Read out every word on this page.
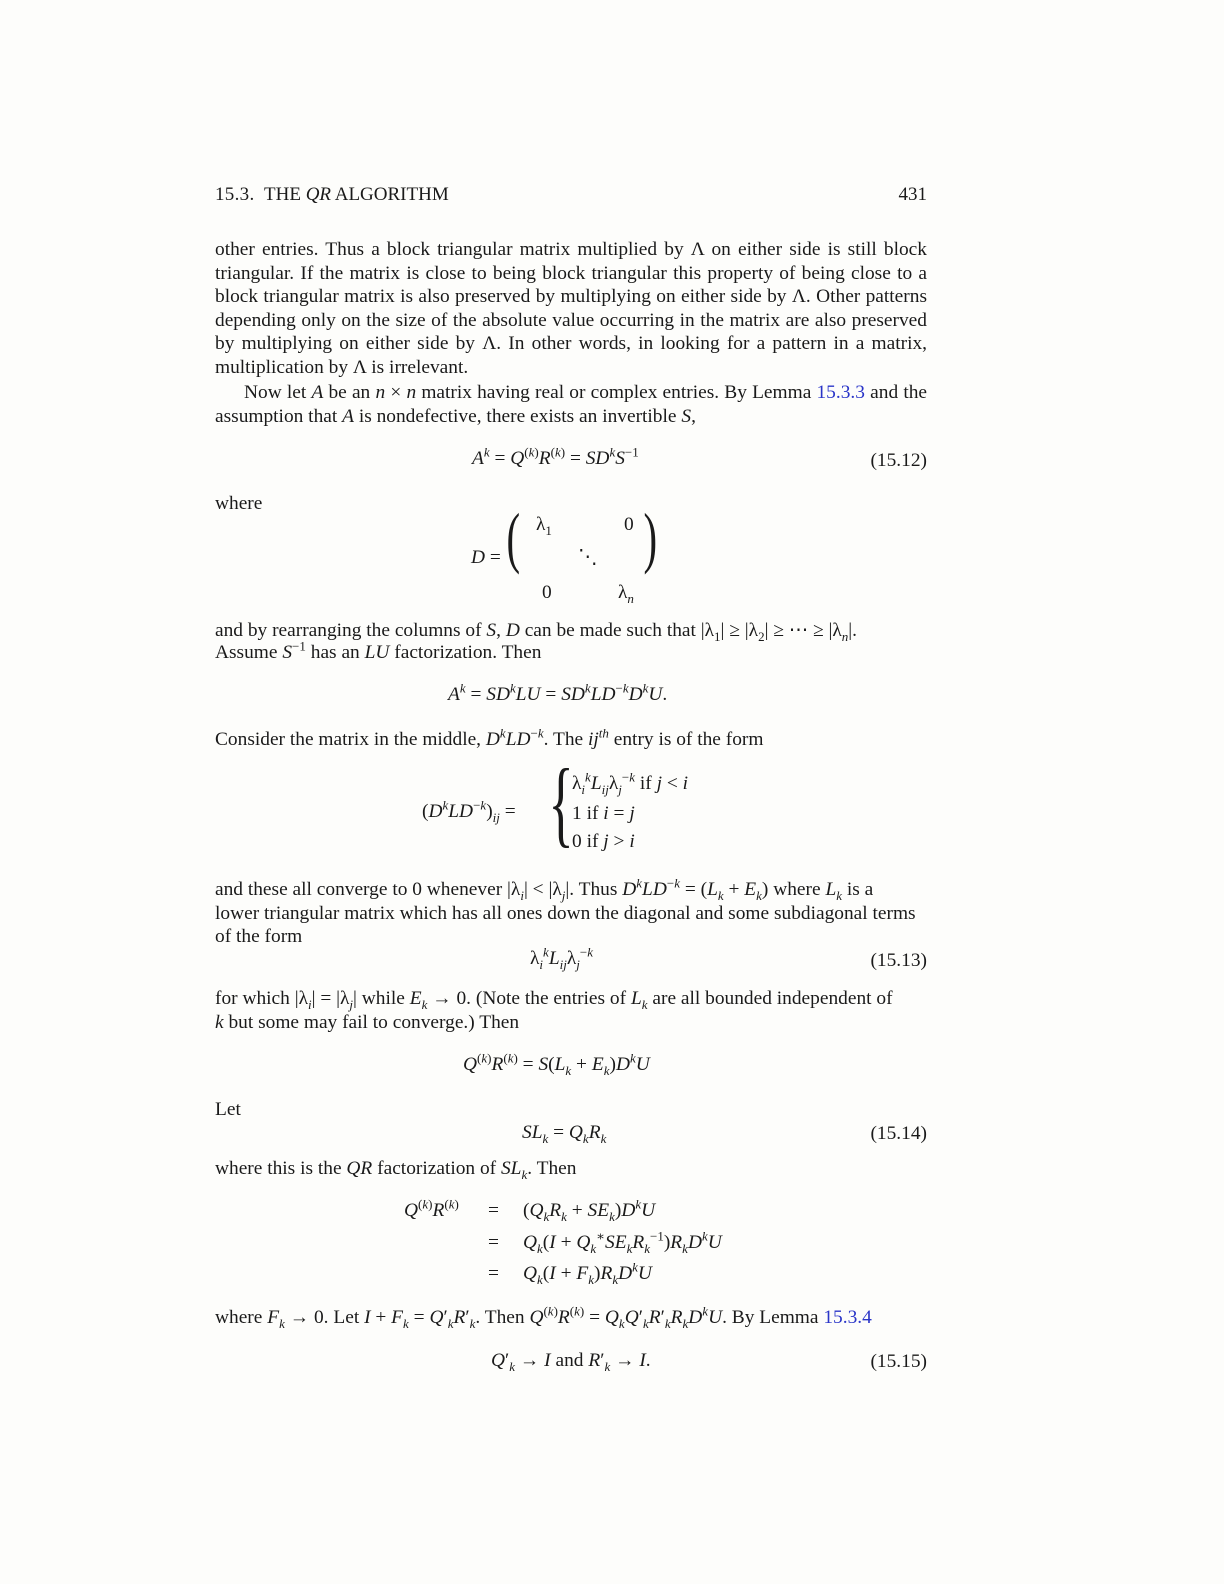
15.3. THE QR ALGORITHM	431
other entries. Thus a block triangular matrix multiplied by Λ on either side is still block triangular. If the matrix is close to being block triangular this property of being close to a block triangular matrix is also preserved by multiplying on either side by Λ. Other patterns depending only on the size of the absolute value occurring in the matrix are also preserved by multiplying on either side by Λ. In other words, in looking for a pattern in a matrix, multiplication by Λ is irrelevant.
Now let A be an n × n matrix having real or complex entries. By Lemma 15.3.3 and the assumption that A is nondefective, there exists an invertible S,
$A^k = Q^{(k)}R^{(k)} = SD^kS^{-1}$	(15.12)
where
D = ( )
$\lambda_1$	0
⋱
0	$\lambda_n$
and by rearranging the columns of S, D can be made such that $|\lambda_1| \ge |\lambda_2|$ ≥ ⋯ ≥ $|\lambda_n|$.
Assume $S^{-1}$ has an LU factorization. Then
$A^k = SD^kLU = SD^kLD^{-k}D^kU$.
Consider the matrix in the middle, $D^kLD^{-k}$. The $ij^{th}$ entry is of the form
$(D^kLD^{-k})_{ij}$ = {
$\lambda_i^kL_{ij}\lambda_j^{-k}$ if j < i
1 if i = j
0 if j > i
and these all converge to 0 whenever $|\lambda_i| < |\lambda_j|$. Thus $D^kLD^{-k} = (L_k + E_k)$ where $L_k$ is a
lower triangular matrix which has all ones down the diagonal and some subdiagonal terms
of the form
$\lambda_i^kL_{ij}\lambda_j^{-k}$	(15.13)
for which $|\lambda_i| = |\lambda_j|$ while $E_k \to 0$. (Note the entries of $L_k$ are all bounded independent of
k but some may fail to converge.) Then
$Q^{(k)}R^{(k)} = S(L_k + E_k)D^kU$
Let
$SL_k = Q_kR_k$	(15.14)
where this is the QR factorization of $SL_k$. Then
$Q^{(k)}R^{(k)} = (Q_kR_k + SE_k)D^kU$
= $Q_k(I + Q_k^∗SE_kR_k^{-1})R_kD^kU$
= $Q_k(I + F_k)R_kD^kU$
where $F_k \to 0$. Let $I + F_k = Q'_kR'_k$. Then $Q^{(k)}R^{(k)} = Q_kQ'_kR'_kR_kD^kU$. By Lemma 15.3.4
$Q'_k \to I$ and $R'_k \to I$.	(15.15)
